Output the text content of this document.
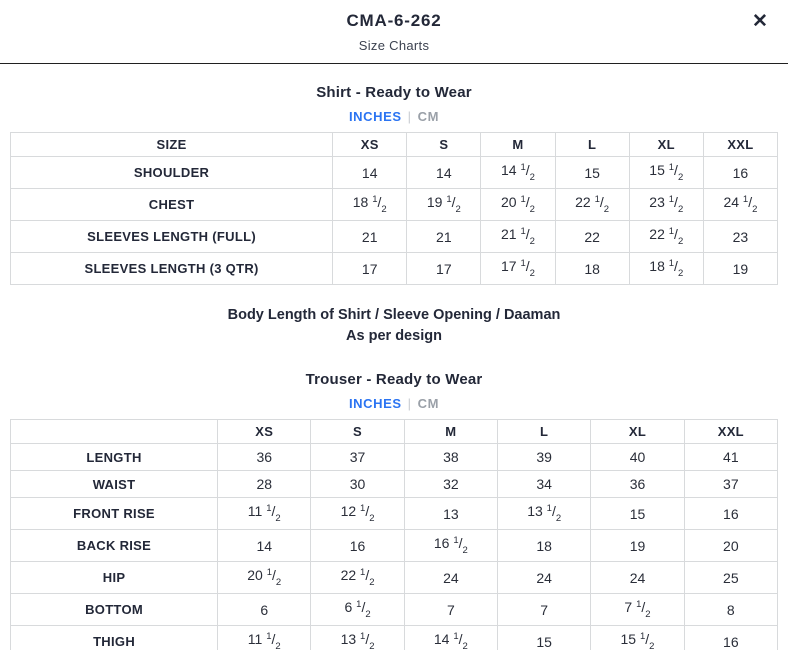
CMA-6-262
Size Charts
✕
Shirt - Ready to Wear
INCHES | CM
SIZE	XS	S	M	L	XL	XXL
SHOULDER	14	14	14 $^1/_2$	15	15 $^1/_2$	16
CHEST	18 $^1/_2$	19 $^1/_2$	20 $^1/_2$	22 $^1/_2$	23 $^1/_2$	24 $^1/_2$
SLEEVES LENGTH (FULL)	21	21	21 $^1/_2$	22	22 $^1/_2$	23
SLEEVES LENGTH (3 QTR)	17	17	17 $^1/_2$	18	18 $^1/_2$	19
Body Length of Shirt / Sleeve Opening / Daaman
As per design
Trouser - Ready to Wear
INCHES | CM
	XS	S	M	L	XL	XXL
LENGTH	36	37	38	39	40	41
WAIST	28	30	32	34	36	37
FRONT RISE	11 $^1/_2$	12 $^1/_2$	13	13 $^1/_2$	15	16
BACK RISE	14	16	16 $^1/_2$	18	19	20
HIP	20 $^1/_2$	22 $^1/_2$	24	24	24	25
BOTTOM	6	6 $^1/_2$	7	7	7 $^1/_2$	8
THIGH	11 $^1/_2$	13 $^1/_2$	14 $^1/_2$	15	15 $^1/_2$	16
